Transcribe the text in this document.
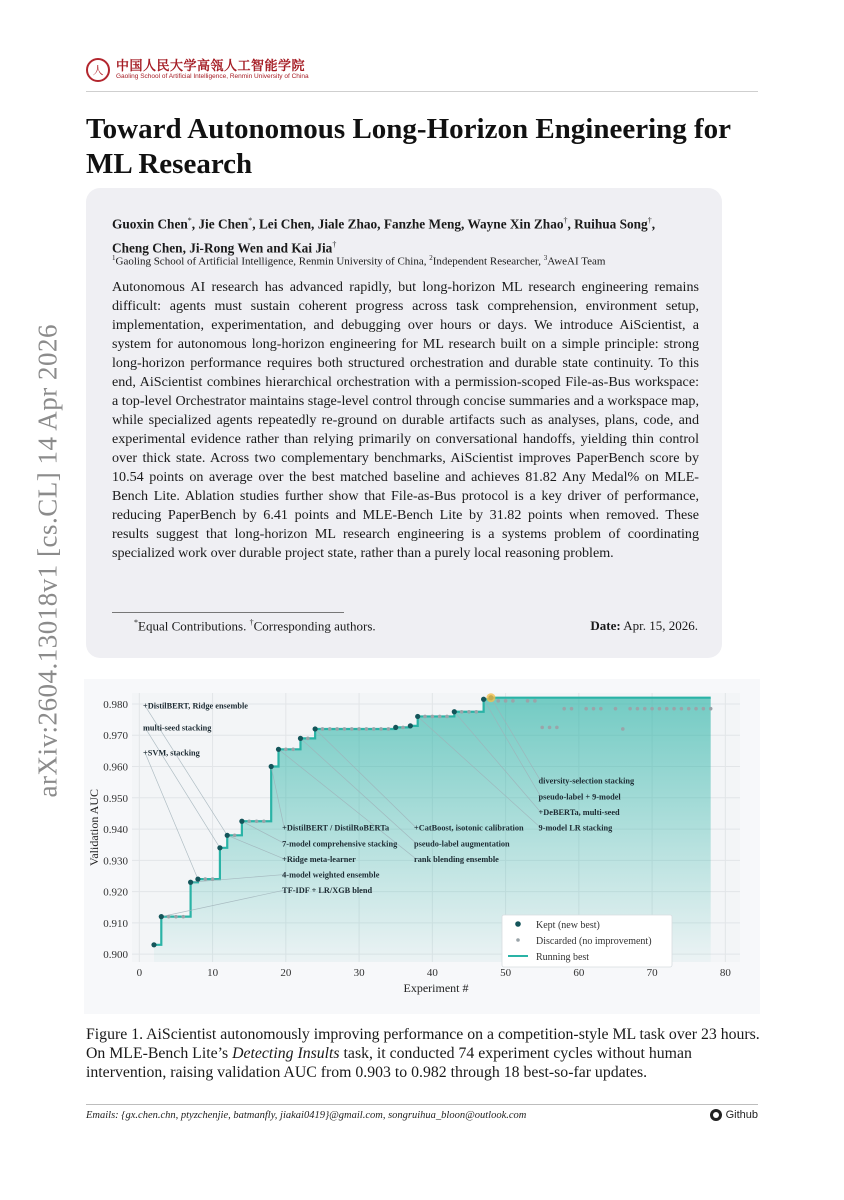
arXiv:2604.13018v1 [cs.CL] 14 Apr 2026
人 中国人民大学高瓴人工智能学院
Gaoling School of Artificial Intelligence, Renmin University of China
Toward Autonomous Long-Horizon Engineering for ML Research
Guoxin Chen*, Jie Chen*, Lei Chen, Jiale Zhao, Fanzhe Meng, Wayne Xin Zhao†, Ruihua Song†,
Cheng Chen, Ji-Rong Wen and Kai Jia†
$^1$Gaoling School of Artificial Intelligence, Renmin University of China, $^2$Independent Researcher, $^3$AweAI Team
Autonomous AI research has advanced rapidly, but long-horizon ML research engineering remains difficult: agents must sustain coherent progress across task comprehension, environment setup, implementation, experimentation, and debugging over hours or days. We introduce AiScientist, a system for autonomous long-horizon engineering for ML research built on a simple principle: strong long-horizon performance requires both structured orchestration and durable state continuity. To this end, AiScientist combines hierarchical orchestration with a permission-scoped File-as-Bus workspace: a top-level Orchestrator maintains stage-level control through concise summaries and a workspace map, while specialized agents repeatedly re-ground on durable artifacts such as analyses, plans, code, and experimental evidence rather than relying primarily on conversational handoffs, yielding thin control over thick state. Across two complementary benchmarks, AiScientist improves PaperBench score by 10.54 points on average over the best matched baseline and achieves 81.82 Any Medal% on MLE-Bench Lite. Ablation studies further show that File-as-Bus protocol is a key driver of performance, reducing PaperBench by 6.41 points and MLE-Bench Lite by 31.82 points when removed. These results suggest that long-horizon ML research engineering is a systems problem of coordinating specialized work over durable project state, rather than a purely local reasoning problem.
*Equal Contributions. †Corresponding authors.	Date: Apr. 15, 2026.
0	10	20	30	40	50	60	70	80
0.900
0.910
0.920
0.930
0.940
0.950
0.960
0.970
0.980
Experiment #
Validation AUC
+DistilBERT, Ridge ensemble
multi-seed stacking
+SVM, stacking
+DistilBERT / DistilRoBERTa
7-model comprehensive stacking
+Ridge meta-learner
4-model weighted ensemble
TF-IDF + LR/XGB blend
+CatBoost, isotonic calibration
pseudo-label augmentation
rank blending ensemble
diversity-selection stacking
pseudo-label + 9-model
+DeBERTa, multi-seed
9-model LR stacking
Kept (new best)
Discarded (no improvement)
Running best
Figure 1. AiScientist autonomously improving performance on a competition-style ML task over 23 hours. On MLE-Bench Lite’s Detecting Insults task, it conducted 74 experiment cycles without human intervention, raising validation AUC from 0.903 to 0.982 through 18 best-so-far updates.
Emails: {gx.chen.chn, ptyzchenjie, batmanfly, jiakai0419}@gmail.com, songruihua_bloon@outlook.com	Github
